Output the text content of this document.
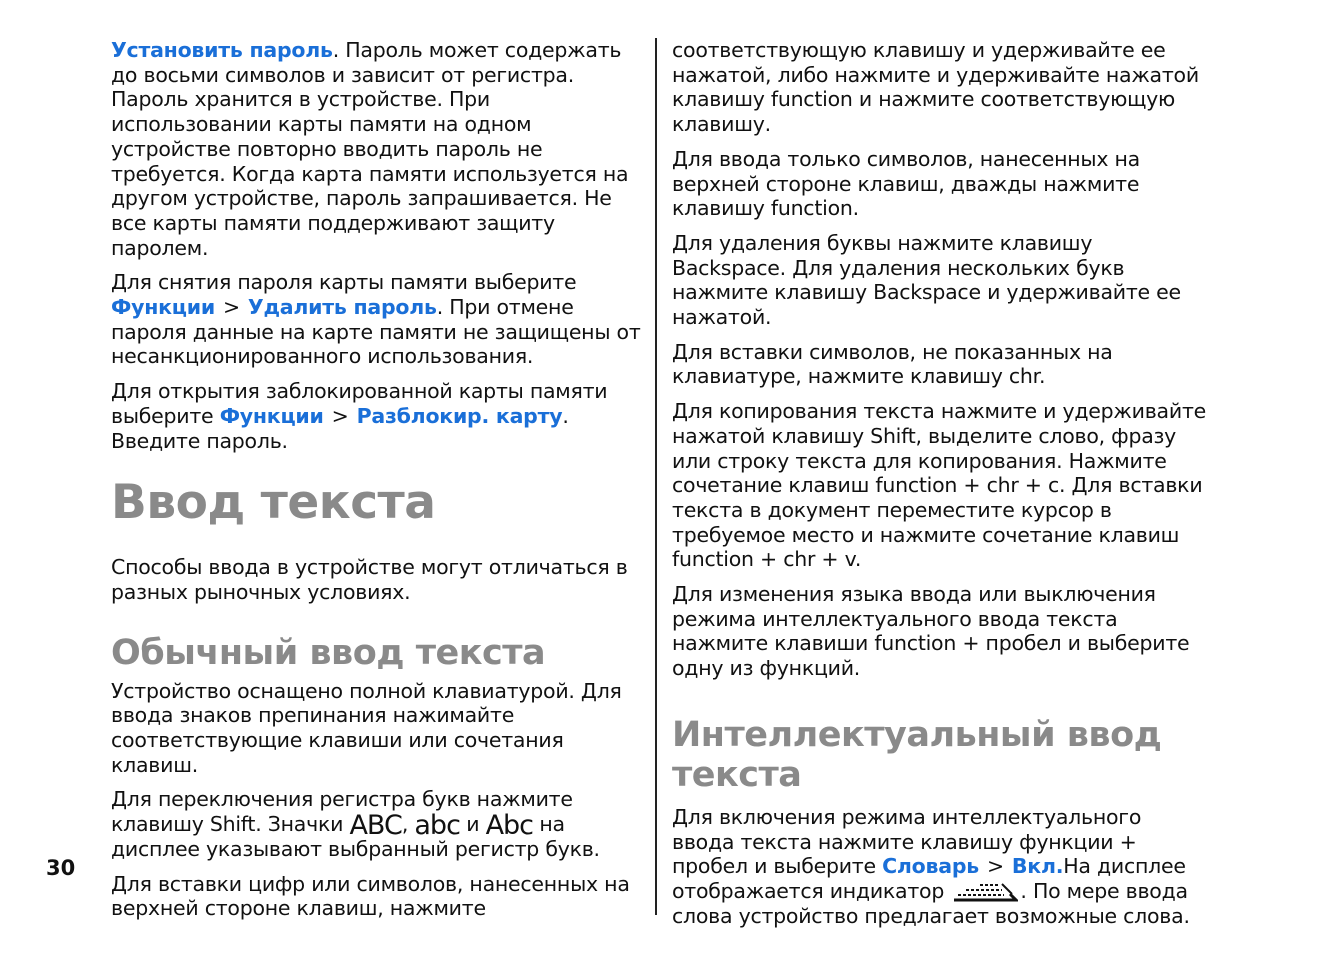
Установить пароль. Пароль может содержать до восьми символов и зависит от регистра. Пароль хранится в устройстве. При использовании карты памяти на одном устройстве повторно вводить пароль не требуется. Когда карта памяти используется на другом устройстве, пароль запрашивается. Не все карты памяти поддерживают защиту паролем.

Для снятия пароля карты памяти выберите
Функции > Удалить пароль. При отмене пароля данные на карте памяти не защищены от несанкционированного использования.

Для открытия заблокированной карты памяти выберите Функции > Разблокир. карту. Введите пароль.

Ввод текста

Способы ввода в устройстве могут отличаться в разных рыночных условиях.

Обычный ввод текста

Устройство оснащено полной клавиатурой. Для ввода знаков препинания нажимайте соответствующие клавиши или сочетания клавиш.

Для переключения регистра букв нажмите клавишу Shift. Значки ABC, abc и Abc на дисплее указывают выбранный регистр букв.

Для вставки цифр или символов, нанесенных на верхней стороне клавиш, нажмите

соответствующую клавишу и удерживайте ее нажатой, либо нажмите и удерживайте нажатой клавишу function и нажмите соответствующую клавишу.

Для ввода только символов, нанесенных на верхней стороне клавиш, дважды нажмите клавишу function.

Для удаления буквы нажмите клавишу Backspace. Для удаления нескольких букв нажмите клавишу Backspace и удерживайте ее нажатой.

Для вставки символов, не показанных на клавиатуре, нажмите клавишу chr.

Для копирования текста нажмите и удерживайте нажатой клавишу Shift, выделите слово, фразу или строку текста для копирования. Нажмите сочетание клавиш function + chr + c. Для вставки текста в документ переместите курсор в требуемое место и нажмите сочетание клавиш function + chr + v.

Для изменения языка ввода или выключения режима интеллектуального ввода текста нажмите клавиши function + пробел и выберите одну из функций.

Интеллектуальный ввод текста

Для включения режима интеллектуального ввода текста нажмите клавишу функции + пробел и выберите Словарь > Вкл.На дисплее отображается индикатор	. По мере ввода слова устройство предлагает возможные слова.

30
